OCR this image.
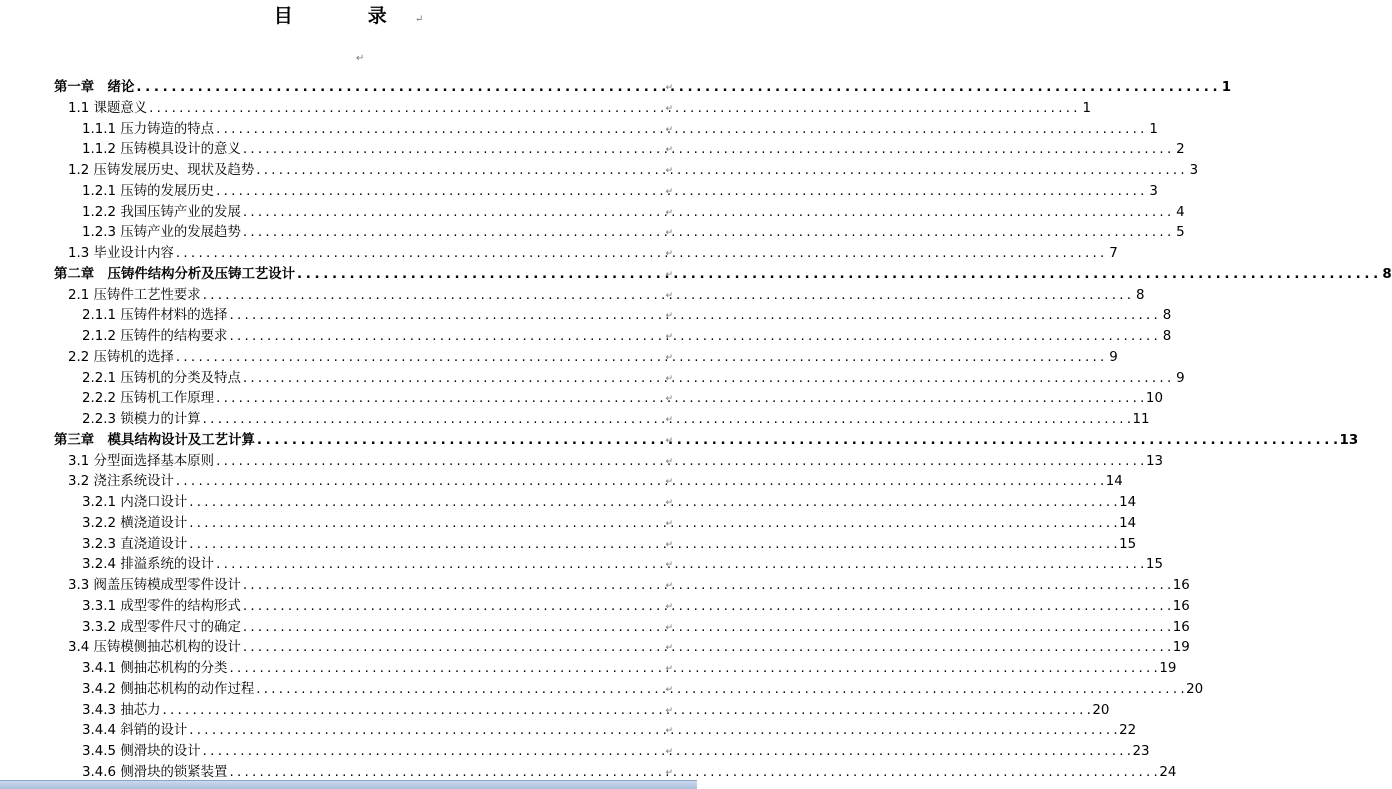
目　录↵
↵
第一章　绪论 . . .	1
↵
1.1 课题意义 . . .	1
↵
1.1.1 压力铸造的特点 . . .	1
↵
1.1.2 压铸模具设计的意义 . . .	2
↵
1.2 压铸发展历史、现状及趋势 . . .	3
↵
1.2.1 压铸的发展历史 . . .	3
↵
1.2.2 我国压铸产业的发展 . . .	4
↵
1.2.3 压铸产业的发展趋势 . . .	5
↵
1.3 毕业设计内容 . . .	7
↵
第二章　压铸件结构分析及压铸工艺设计 . . .	8
↵
2.1 压铸件工艺性要求 . . .	8
↵
2.1.1 压铸件材料的选择 . . .	8
↵
2.1.2 压铸件的结构要求 . . .	8
↵
2.2 压铸机的选择 . . .	9
↵
2.2.1 压铸机的分类及特点 . . .	9
↵
2.2.2 压铸机工作原理 . . .	10
↵
2.2.3 锁模力的计算 . . .	11
↵
第三章　模具结构设计及工艺计算 . . .	13
↵
3.1 分型面选择基本原则 . . .	13
↵
3.2 浇注系统设计 . . .	14
↵
3.2.1 内浇口设计 . . .	14
↵
3.2.2 横浇道设计 . . .	14
↵
3.2.3 直浇道设计 . . .	15
↵
3.2.4 排溢系统的设计 . . .	15
↵
3.3 阀盖压铸模成型零件设计 . . .	16
↵
3.3.1 成型零件的结构形式 . . .	16
↵
3.3.2 成型零件尺寸的确定 . . .	16
↵
3.4 压铸模侧抽芯机构的设计 . . .	19
↵
3.4.1 侧抽芯机构的分类 . . .	19
↵
3.4.2 侧抽芯机构的动作过程 . . .	20
↵
3.4.3 抽芯力 . . .	20
↵
3.4.4 斜销的设计 . . .	22
↵
3.4.5 侧滑块的设计 . . .	23
↵
3.4.6 侧滑块的锁紧装置 . . .	24
↵
